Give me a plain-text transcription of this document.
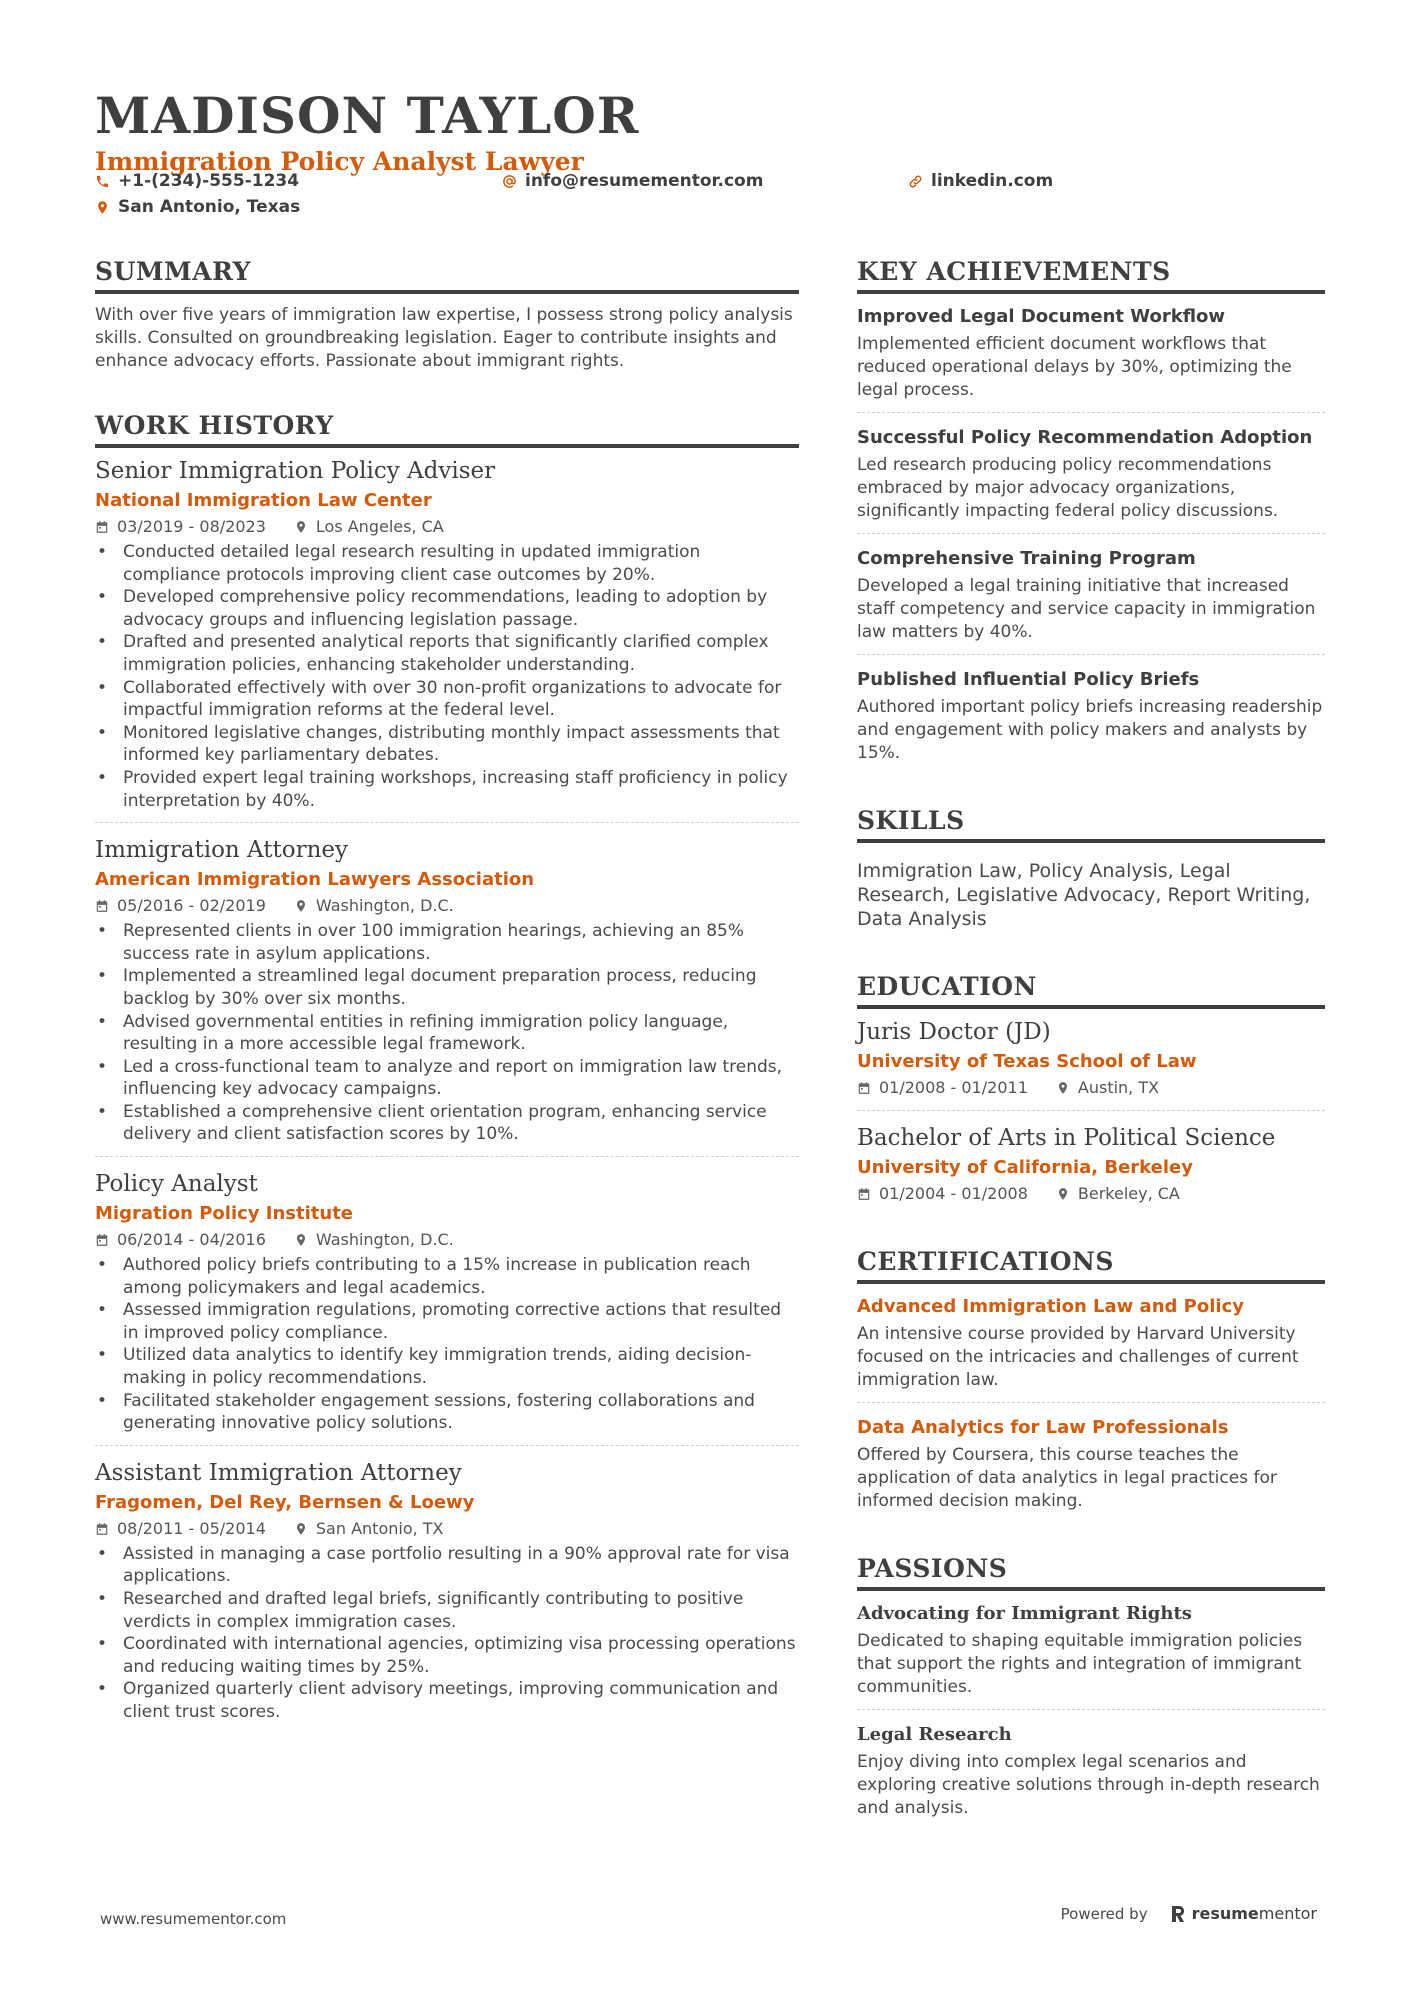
MADISON TAYLOR
Immigration Policy Analyst Lawyer
+1-(234)-555-1234	info@resumementor.com	linkedin.com
San Antonio, Texas
SUMMARY
With over five years of immigration law expertise, I possess strong policy analysis skills. Consulted on groundbreaking legislation. Eager to contribute insights and enhance advocacy efforts. Passionate about immigrant rights.
WORK HISTORY
Senior Immigration Policy Adviser
National Immigration Law Center
03/2019 - 08/2023	Los Angeles, CA
• Conducted detailed legal research resulting in updated immigration compliance protocols improving client case outcomes by 20%.
• Developed comprehensive policy recommendations, leading to adoption by advocacy groups and influencing legislation passage.
• Drafted and presented analytical reports that significantly clarified complex immigration policies, enhancing stakeholder understanding.
• Collaborated effectively with over 30 non-profit organizations to advocate for impactful immigration reforms at the federal level.
• Monitored legislative changes, distributing monthly impact assessments that informed key parliamentary debates.
• Provided expert legal training workshops, increasing staff proficiency in policy interpretation by 40%.
Immigration Attorney
American Immigration Lawyers Association
05/2016 - 02/2019	Washington, D.C.
• Represented clients in over 100 immigration hearings, achieving an 85% success rate in asylum applications.
• Implemented a streamlined legal document preparation process, reducing backlog by 30% over six months.
• Advised governmental entities in refining immigration policy language, resulting in a more accessible legal framework.
• Led a cross-functional team to analyze and report on immigration law trends, influencing key advocacy campaigns.
• Established a comprehensive client orientation program, enhancing service delivery and client satisfaction scores by 10%.
Policy Analyst
Migration Policy Institute
06/2014 - 04/2016	Washington, D.C.
• Authored policy briefs contributing to a 15% increase in publication reach among policymakers and legal academics.
• Assessed immigration regulations, promoting corrective actions that resulted in improved policy compliance.
• Utilized data analytics to identify key immigration trends, aiding decision-making in policy recommendations.
• Facilitated stakeholder engagement sessions, fostering collaborations and generating innovative policy solutions.
Assistant Immigration Attorney
Fragomen, Del Rey, Bernsen & Loewy
08/2011 - 05/2014	San Antonio, TX
• Assisted in managing a case portfolio resulting in a 90% approval rate for visa applications.
• Researched and drafted legal briefs, significantly contributing to positive verdicts in complex immigration cases.
• Coordinated with international agencies, optimizing visa processing operations and reducing waiting times by 25%.
• Organized quarterly client advisory meetings, improving communication and client trust scores.
KEY ACHIEVEMENTS
Improved Legal Document Workflow
Implemented efficient document workflows that reduced operational delays by 30%, optimizing the legal process.
Successful Policy Recommendation Adoption
Led research producing policy recommendations embraced by major advocacy organizations, significantly impacting federal policy discussions.
Comprehensive Training Program
Developed a legal training initiative that increased staff competency and service capacity in immigration law matters by 40%.
Published Influential Policy Briefs
Authored important policy briefs increasing readership and engagement with policy makers and analysts by 15%.
SKILLS
Immigration Law, Policy Analysis, Legal Research, Legislative Advocacy, Report Writing, Data Analysis
EDUCATION
Juris Doctor (JD)
University of Texas School of Law
01/2008 - 01/2011	Austin, TX
Bachelor of Arts in Political Science
University of California, Berkeley
01/2004 - 01/2008	Berkeley, CA
CERTIFICATIONS
Advanced Immigration Law and Policy
An intensive course provided by Harvard University focused on the intricacies and challenges of current immigration law.
Data Analytics for Law Professionals
Offered by Coursera, this course teaches the application of data analytics in legal practices for informed decision making.
PASSIONS
Advocating for Immigrant Rights
Dedicated to shaping equitable immigration policies that support the rights and integration of immigrant communities.
Legal Research
Enjoy diving into complex legal scenarios and exploring creative solutions through in-depth research and analysis.
www.resumementor.com	Powered by	resumementor
